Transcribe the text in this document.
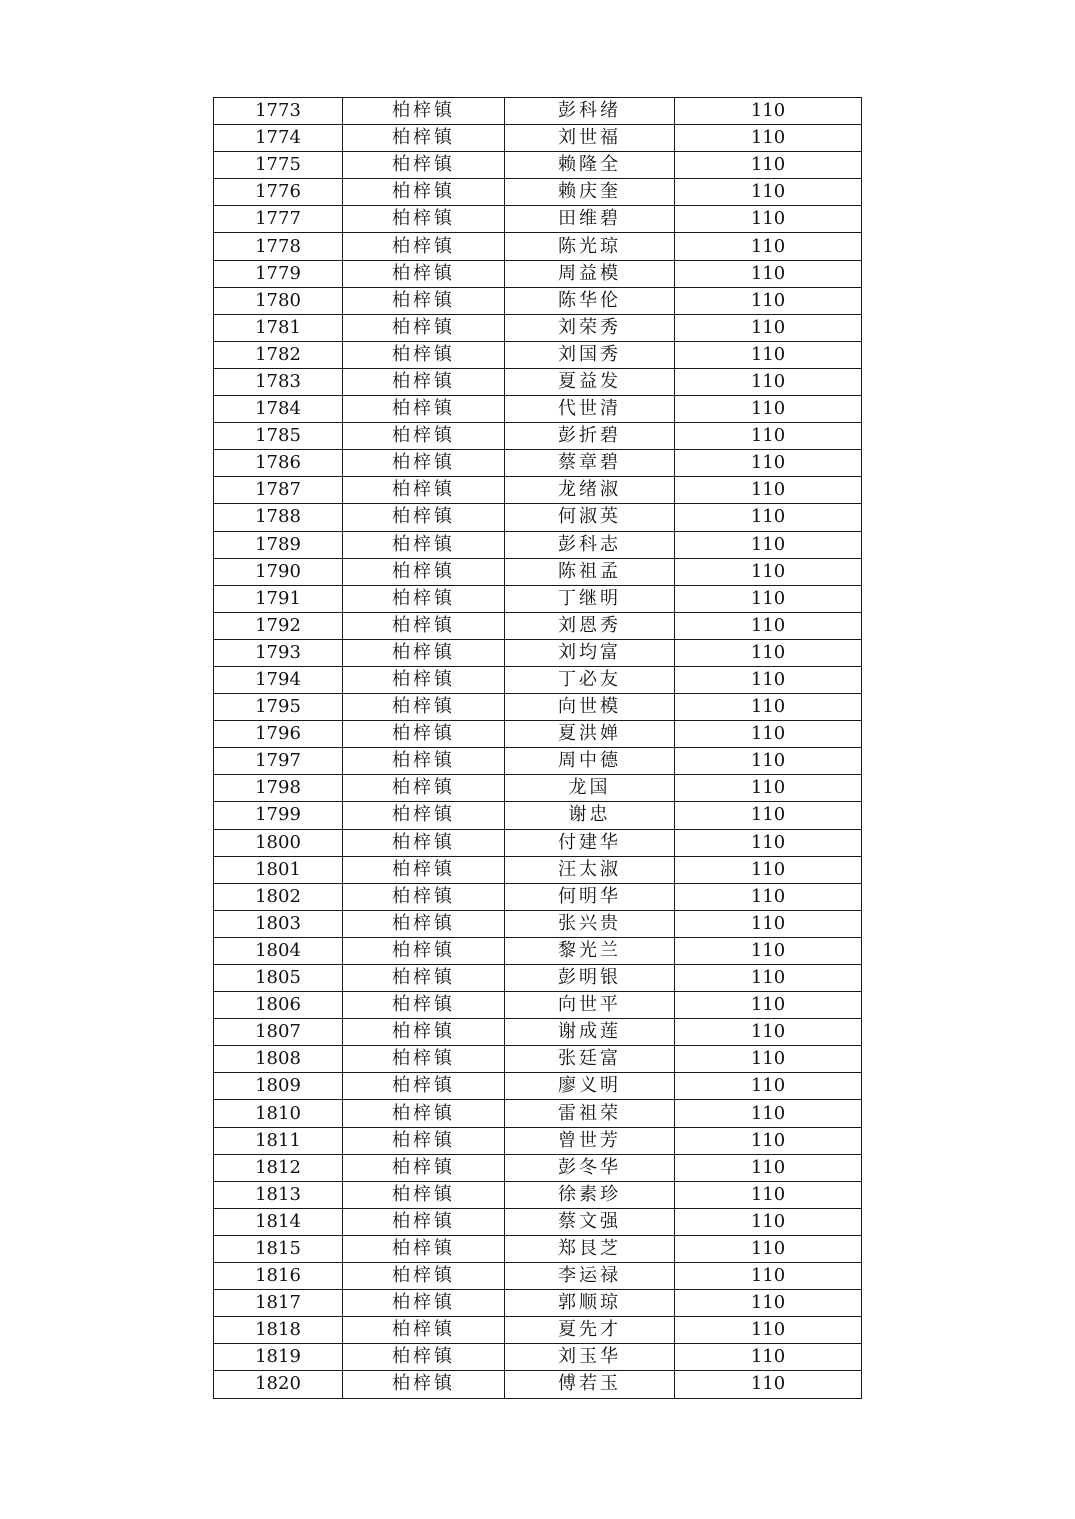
1773	柏梓镇	彭科绪	110
1774	柏梓镇	刘世福	110
1775	柏梓镇	赖隆全	110
1776	柏梓镇	赖庆奎	110
1777	柏梓镇	田维碧	110
1778	柏梓镇	陈光琼	110
1779	柏梓镇	周益模	110
1780	柏梓镇	陈华伦	110
1781	柏梓镇	刘荣秀	110
1782	柏梓镇	刘国秀	110
1783	柏梓镇	夏益发	110
1784	柏梓镇	代世清	110
1785	柏梓镇	彭折碧	110
1786	柏梓镇	蔡章碧	110
1787	柏梓镇	龙绪淑	110
1788	柏梓镇	何淑英	110
1789	柏梓镇	彭科志	110
1790	柏梓镇	陈祖孟	110
1791	柏梓镇	丁继明	110
1792	柏梓镇	刘恩秀	110
1793	柏梓镇	刘均富	110
1794	柏梓镇	丁必友	110
1795	柏梓镇	向世模	110
1796	柏梓镇	夏洪婵	110
1797	柏梓镇	周中德	110
1798	柏梓镇	龙国	110
1799	柏梓镇	谢忠	110
1800	柏梓镇	付建华	110
1801	柏梓镇	汪太淑	110
1802	柏梓镇	何明华	110
1803	柏梓镇	张兴贵	110
1804	柏梓镇	黎光兰	110
1805	柏梓镇	彭明银	110
1806	柏梓镇	向世平	110
1807	柏梓镇	谢成莲	110
1808	柏梓镇	张廷富	110
1809	柏梓镇	廖义明	110
1810	柏梓镇	雷祖荣	110
1811	柏梓镇	曾世芳	110
1812	柏梓镇	彭冬华	110
1813	柏梓镇	徐素珍	110
1814	柏梓镇	蔡文强	110
1815	柏梓镇	郑艮芝	110
1816	柏梓镇	李运禄	110
1817	柏梓镇	郭顺琼	110
1818	柏梓镇	夏先才	110
1819	柏梓镇	刘玉华	110
1820	柏梓镇	傅若玉	110
